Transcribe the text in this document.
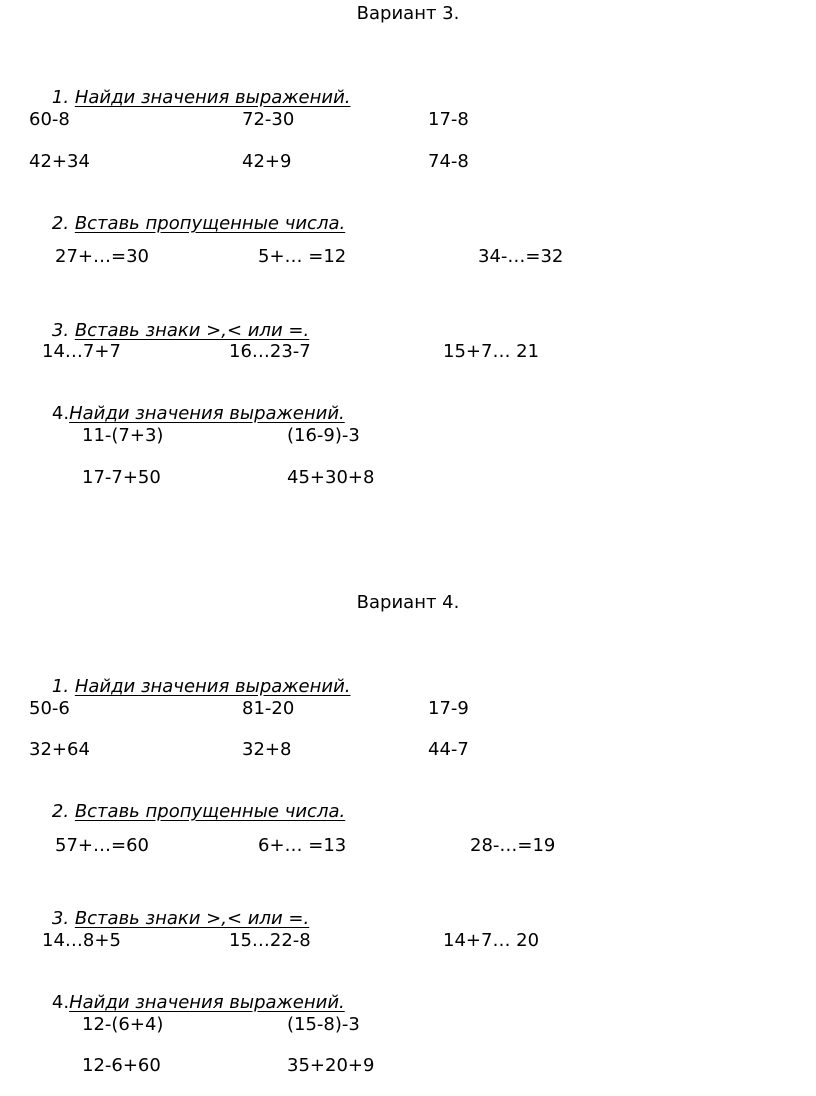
Вариант 3.

1. Найди значения выражений.

60-8	72-30	17-8
42+34	42+9	74-8

2. Вставь пропущенные числа.

27+…=30	5+… =12	34-…=32

3. Вставь знаки >,< или =.

14…7+7	16…23-7	15+7… 21

4.Найди значения выражений.

11-(7+3)	(16-9)-3
17-7+50	45+30+8
Вариант 4.

1. Найди значения выражений.

50-6	81-20	17-9
32+64	32+8	44-7

2. Вставь пропущенные числа.

57+…=60	6+… =13	28-…=19

3. Вставь знаки >,< или =.

14…8+5	15…22-8	14+7… 20

4.Найди значения выражений.

12-(6+4)	(15-8)-3
12-6+60	35+20+9
